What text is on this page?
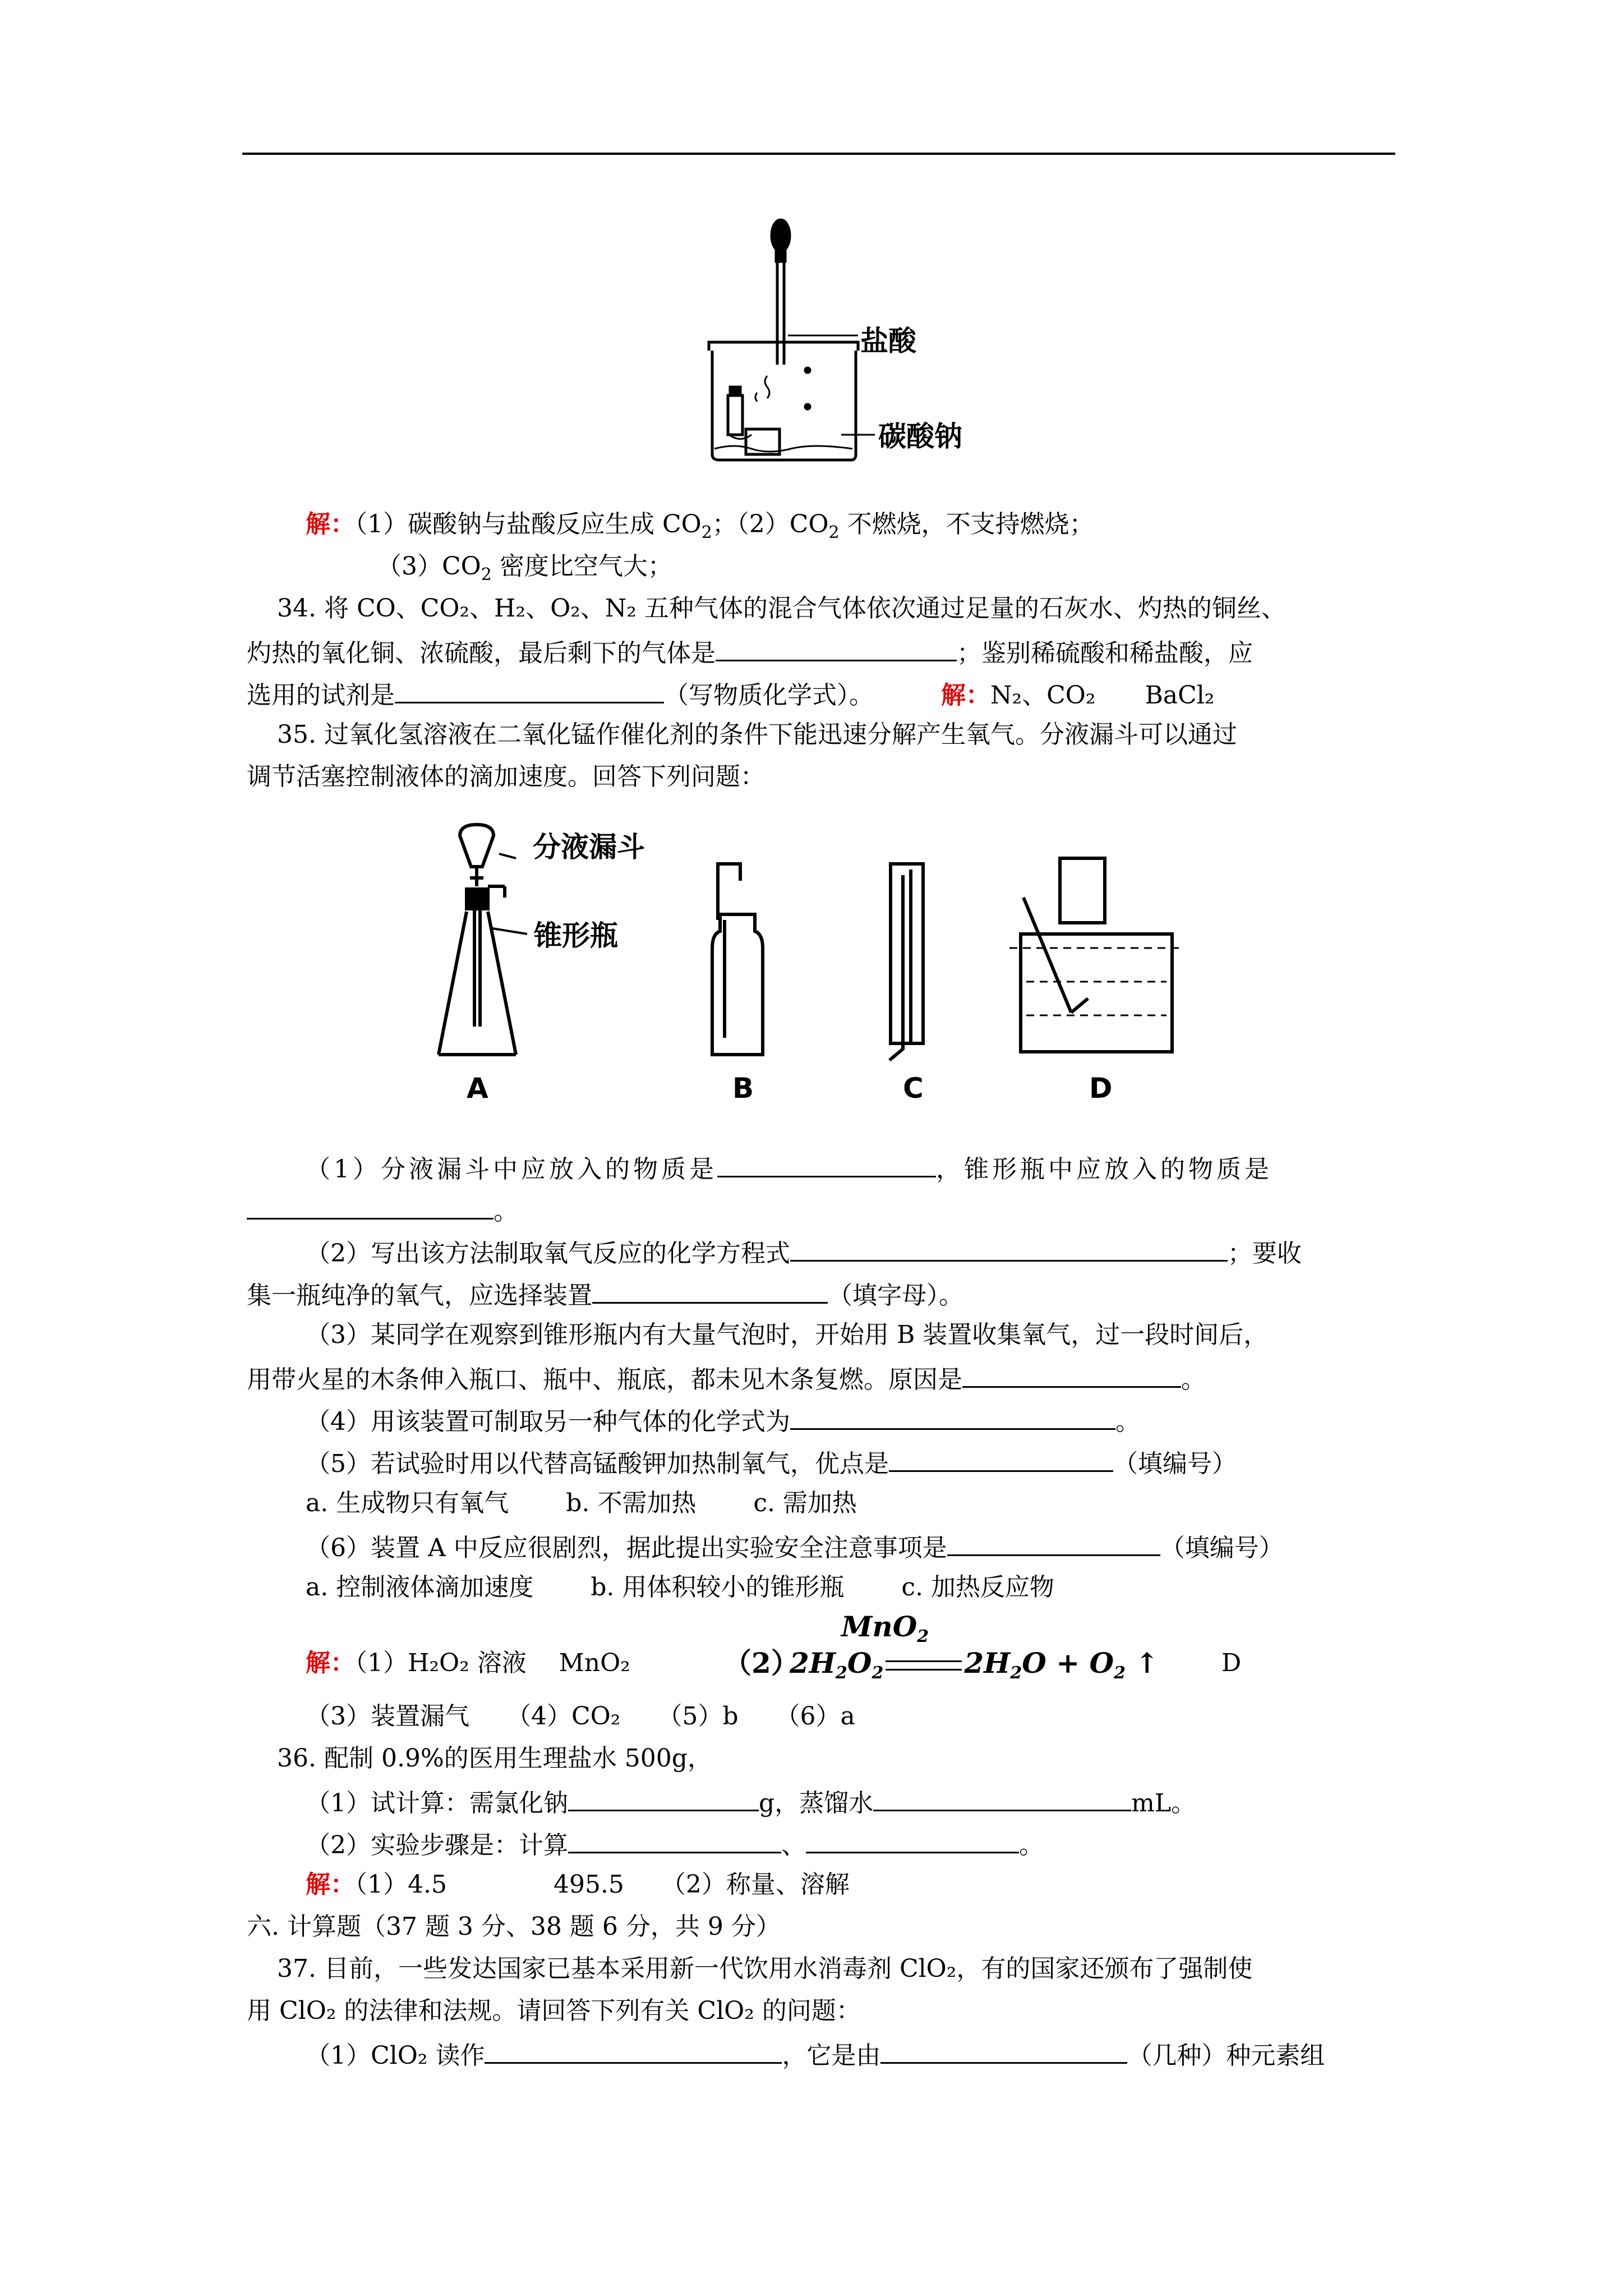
盐酸
碳酸钠
解：（1）碳酸钠与盐酸反应生成 $CO_2$；$(2)CO_2$ 不燃烧，不支持燃烧；
$(3)CO_2$ 密度比空气大；
34. 将 CO、CO₂、H₂、O₂、N₂ 五种气体的混合气体依次通过足量的石灰水、灼热的铜丝、
灼热的氧化铜、浓硫酸，最后剩下的气体是	；鉴别稀硫酸和稀盐酸，应
选用的试剂是	（写物质化学式）。	解：N₂、CO₂　　BaCl₂
35. 过氧化氢溶液在二氧化锰作催化剂的条件下能迅速分解产生氧气。分液漏斗可以通过
调节活塞控制液体的滴加速度。回答下列问题：
分液漏斗
锥形瓶
A	B	C	D
（1）分液漏斗中应放入的物质是	，锥形瓶中应放入的物质是
。
（2）写出该方法制取氧气反应的化学方程式	；要收
集一瓶纯净的氧气，应选择装置	（填字母）。
（3）某同学在观察到锥形瓶内有大量气泡时，开始用 B 装置收集氧气，过一段时间后，
用带火星的木条伸入瓶口、瓶中、瓶底，都未见木条复燃。原因是	。
（4）用该装置可制取另一种气体的化学式为	。
（5）若试验时用以代替高锰酸钾加热制氧气，优点是	（填编号）
a. 生成物只有氧气　　 b. 不需加热　　 c. 需加热
（6）装置 A 中反应很剧烈，据此提出实验安全注意事项是	（填编号）
a. 控制液体滴加速度　　 b. 用体积较小的锥形瓶　　 c. 加热反应物
解：（1）H₂O₂ 溶液　 MnO₂	（2）
MnO$_2$
$2H_2O_2$	$2H_2O + O_2$ ↑	D
（3）装置漏气　　（4）CO₂　　（5）b　　（6）a
36. 配制 0.9%的医用生理盐水 500g，
（1）试计算：需氯化钠	g，蒸馏水	mL。
（2）实验步骤是：计算	、	。
解：（1）4.5　　　　 495.5　　（2）称量、溶解
六. 计算题（37 题 3 分、38 题 6 分，共 9 分）
37. 目前，一些发达国家已基本采用新一代饮用水消毒剂 ClO₂，有的国家还颁布了强制使
用 ClO₂ 的法律和法规。请回答下列有关 ClO₂ 的问题：
（1）ClO₂ 读作	，它是由	（几种）种元素组
